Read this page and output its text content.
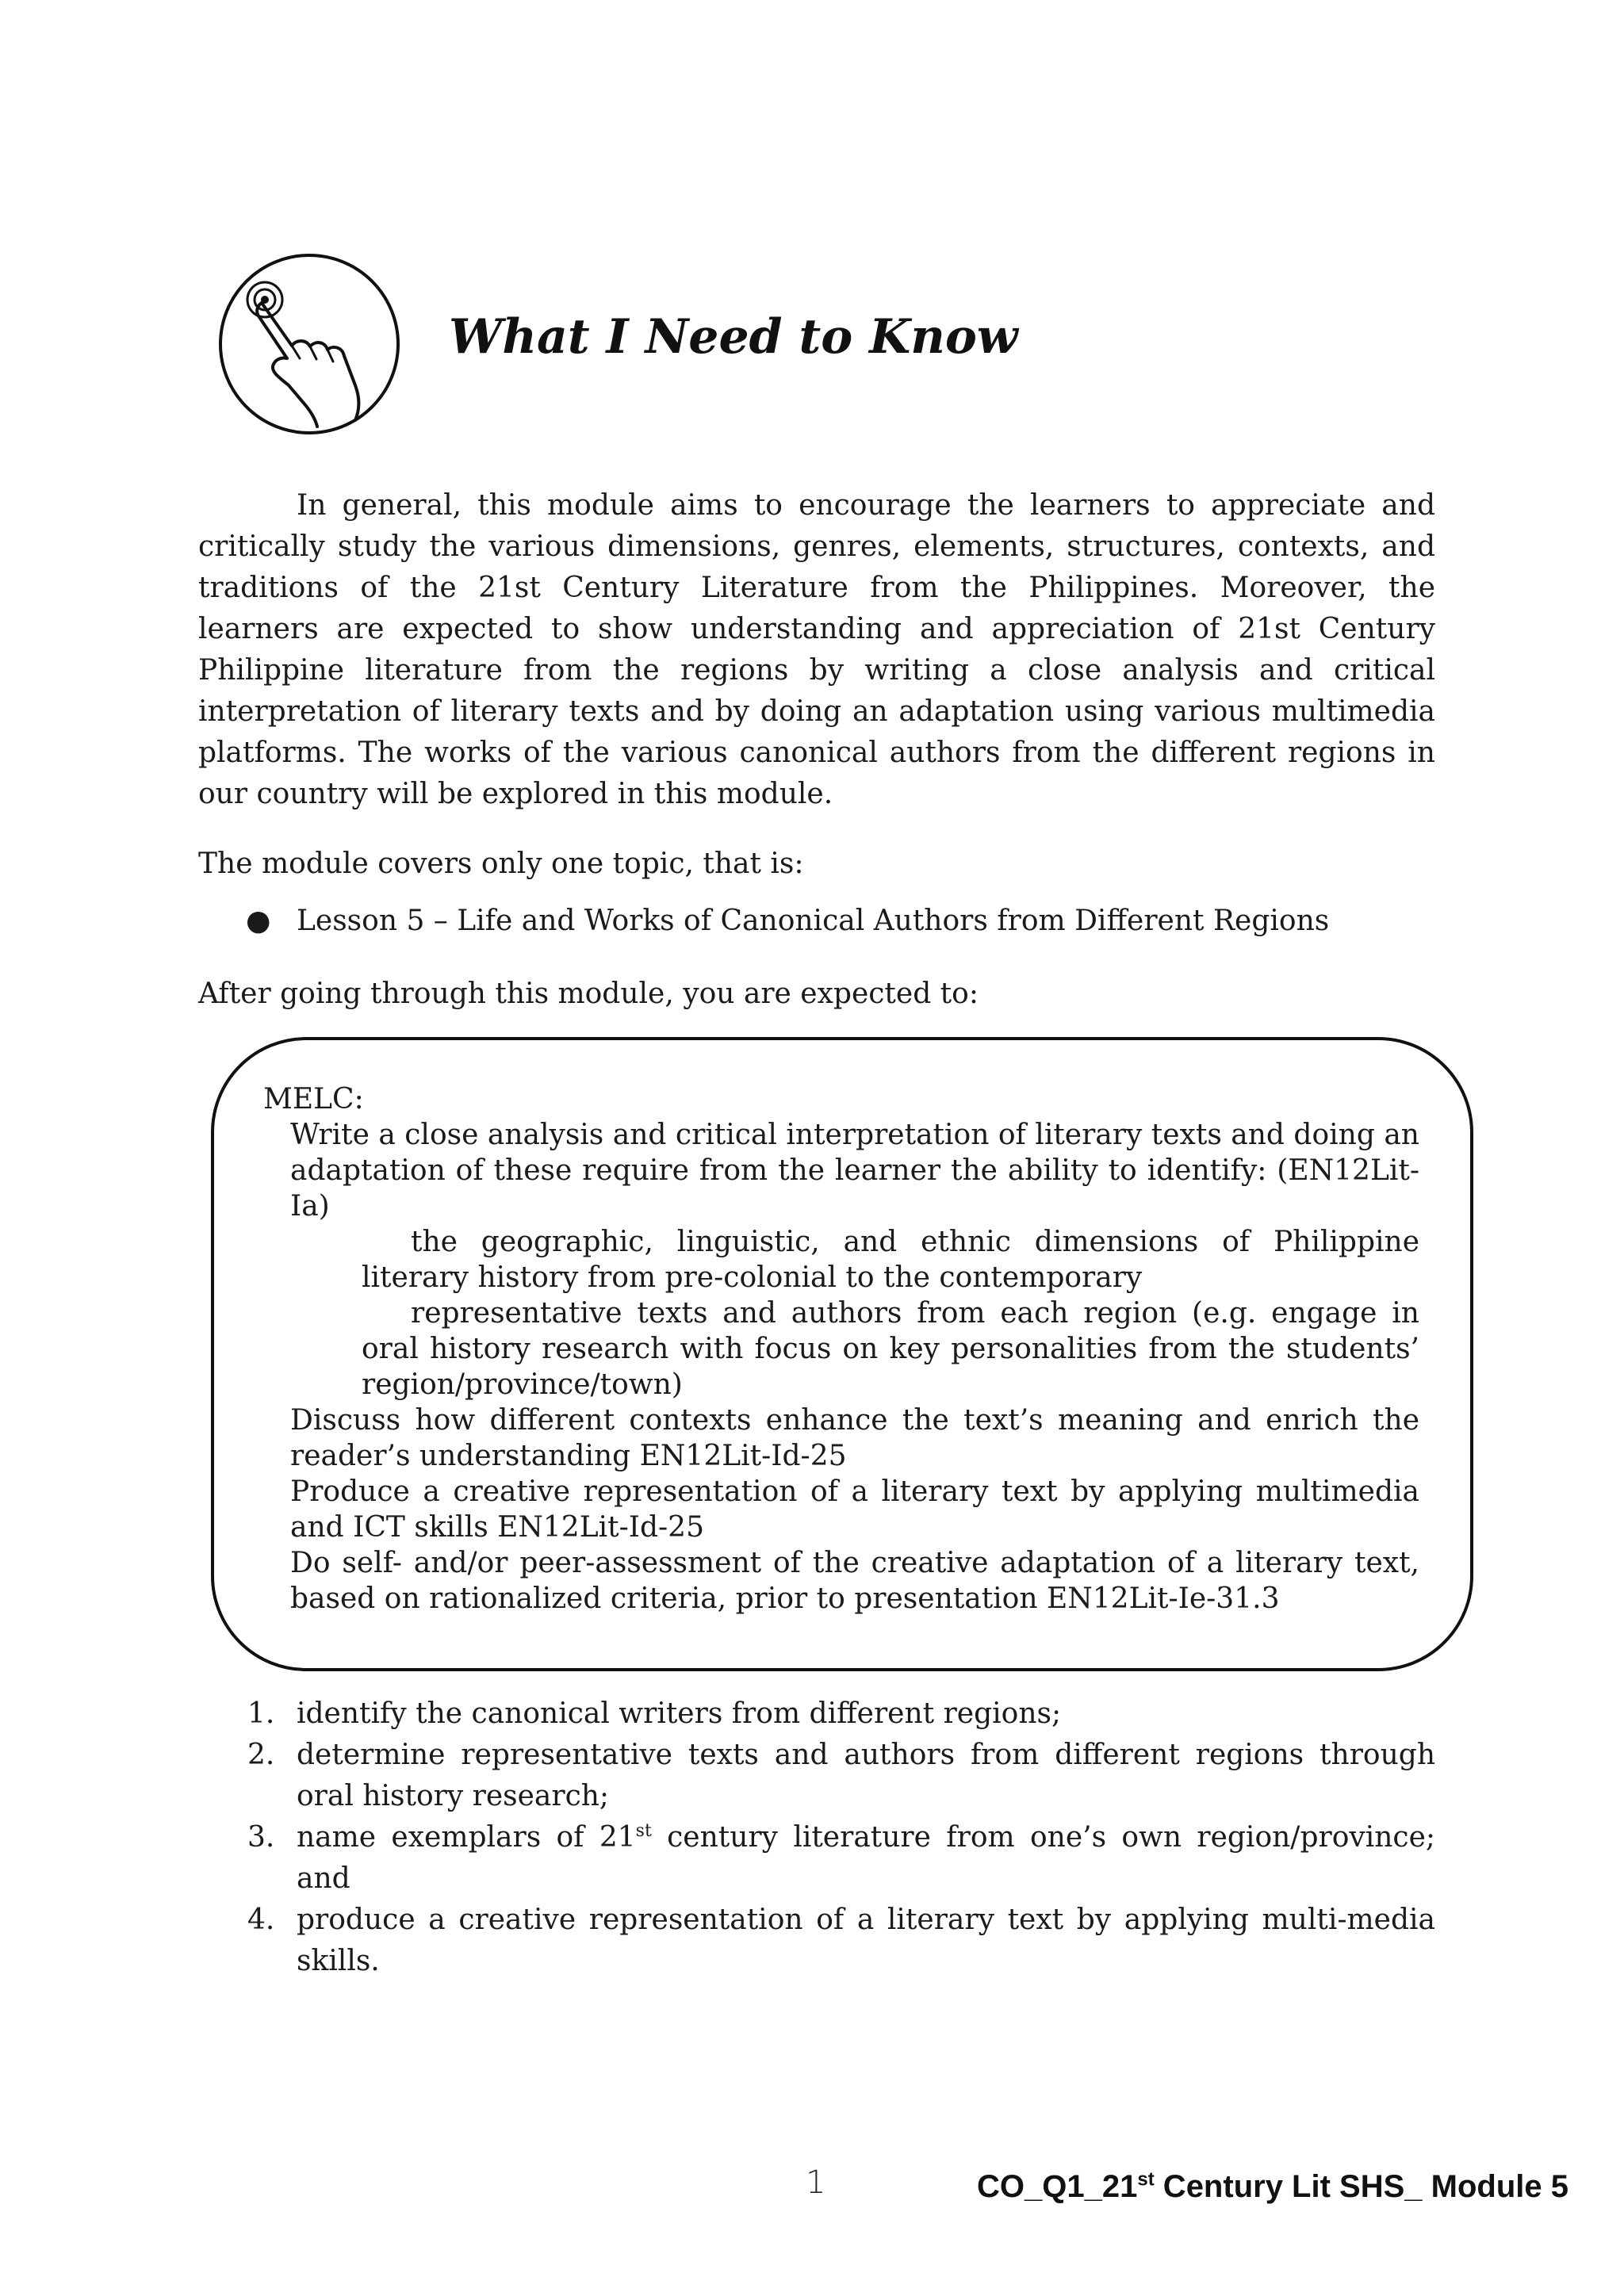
What I Need to Know

In general, this module aims to encourage the learners to appreciate and critically study the various dimensions, genres, elements, structures, contexts, and traditions of the 21st Century Literature from the Philippines. Moreover, the learners are expected to show understanding and appreciation of 21st Century Philippine literature from the regions by writing a close analysis and critical interpretation of literary texts and by doing an adaptation using various multimedia platforms. The works of the various canonical authors from the different regions in our country will be explored in this module.

The module covers only one topic, that is:

● Lesson 5 – Life and Works of Canonical Authors from Different Regions

After going through this module, you are expected to:

MELC:
Write a close analysis and critical interpretation of literary texts and doing an adaptation of these require from the learner the ability to identify: (EN12Lit-Ia)
the geographic, linguistic, and ethnic dimensions of Philippine literary history from pre-colonial to the contemporary
representative texts and authors from each region (e.g. engage in oral history research with focus on key personalities from the students’ region/province/town)
Discuss how different contexts enhance the text’s meaning and enrich the reader’s understanding EN12Lit-Id-25
Produce a creative representation of a literary text by applying multimedia and ICT skills EN12Lit-Id-25
Do self- and/or peer-assessment of the creative adaptation of a literary text, based on rationalized criteria, prior to presentation EN12Lit-Ie-31.3
1. identify the canonical writers from different regions;
2. determine representative texts and authors from different regions through oral history research;
3. name exemplars of 21st century literature from one’s own region/province; and
4. produce a creative representation of a literary text by applying multi-media skills.
1	CO_Q1_21st Century Lit SHS_ Module 5
